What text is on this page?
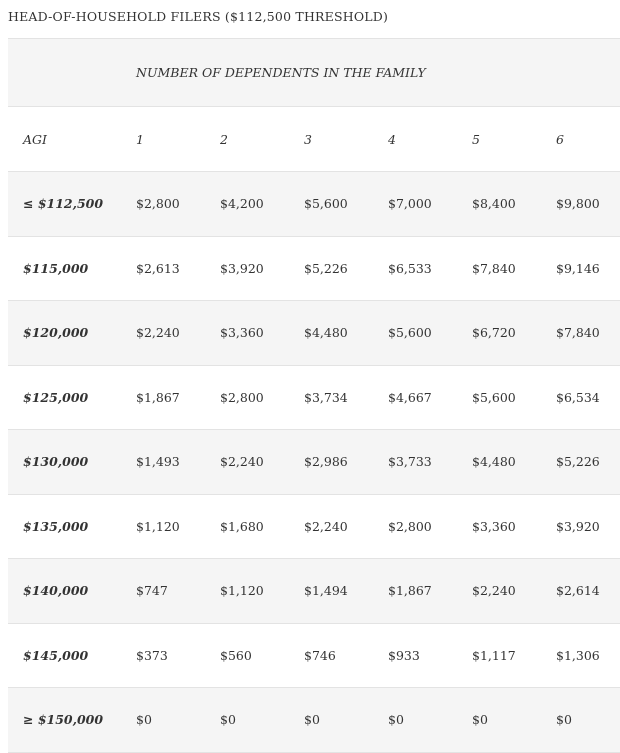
HEAD-OF-HOUSEHOLD FILERS ($112,500 THRESHOLD)
	NUMBER OF DEPENDENTS IN THE FAMILY					
AGI	1	2	3	4	5	6
≤ $112,500	$2,800	$4,200	$5,600	$7,000	$8,400	$9,800
$115,000	$2,613	$3,920	$5,226	$6,533	$7,840	$9,146
$120,000	$2,240	$3,360	$4,480	$5,600	$6,720	$7,840
$125,000	$1,867	$2,800	$3,734	$4,667	$5,600	$6,534
$130,000	$1,493	$2,240	$2,986	$3,733	$4,480	$5,226
$135,000	$1,120	$1,680	$2,240	$2,800	$3,360	$3,920
$140,000	$747	$1,120	$1,494	$1,867	$2,240	$2,614
$145,000	$373	$560	$746	$933	$1,117	$1,306
≥ $150,000	$0	$0	$0	$0	$0	$0
